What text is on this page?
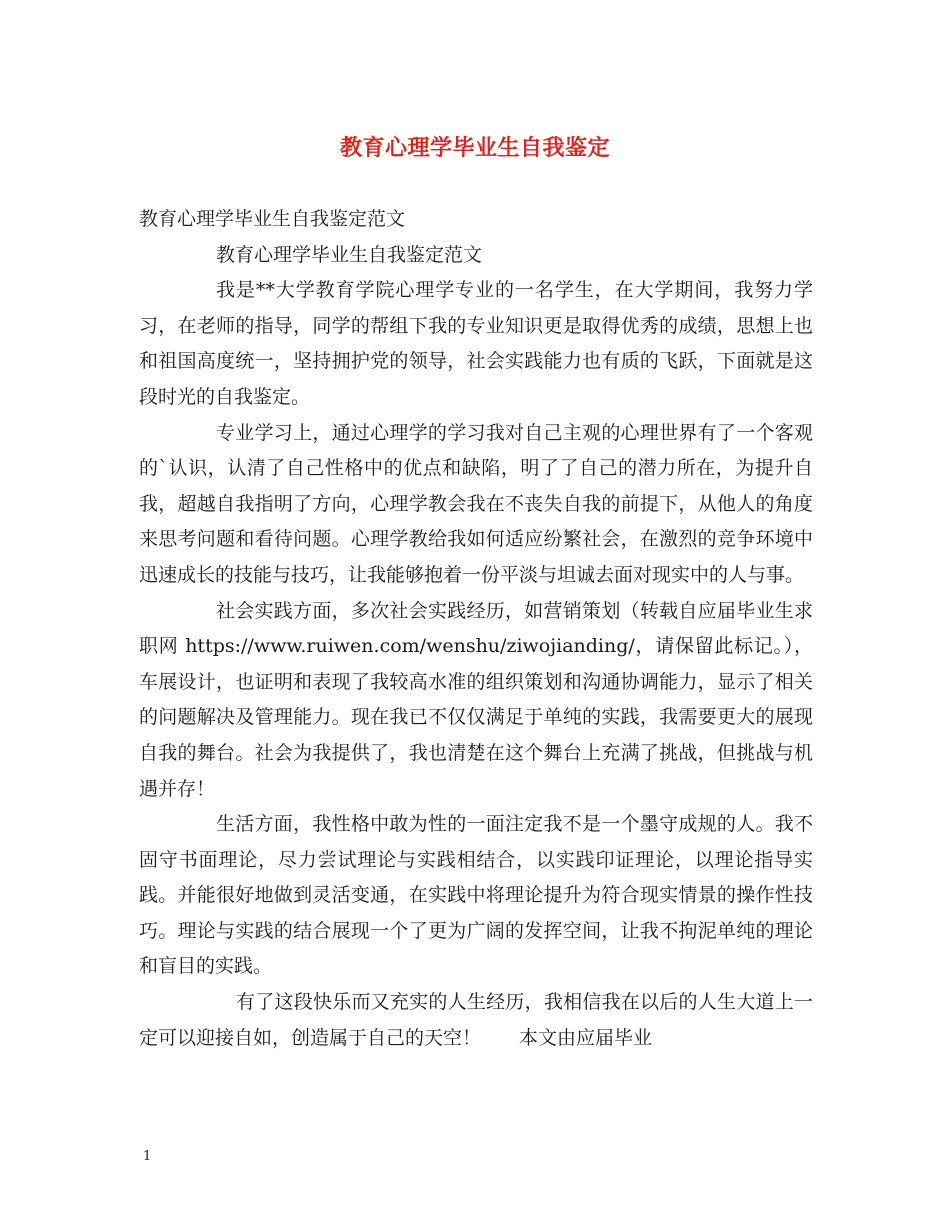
教育心理学毕业生自我鉴定

教育心理学毕业生自我鉴定范文

教育心理学毕业生自我鉴定范文

我是**大学教育学院心理学专业的一名学生，在大学期间，我努力学习，在老师的指导，同学的帮组下我的专业知识更是取得优秀的成绩，思想上也和祖国高度统一，坚持拥护党的领导，社会实践能力也有质的飞跃，下面就是这段时光的自我鉴定。

专业学习上，通过心理学的学习我对自己主观的心理世界有了一个客观的`认识，认清了自己性格中的优点和缺陷，明了了自己的潜力所在，为提升自我，超越自我指明了方向，心理学教会我在不丧失自我的前提下，从他人的角度来思考问题和看待问题。心理学教给我如何适应纷繁社会，在激烈的竞争环境中迅速成长的技能与技巧，让我能够抱着一份平淡与坦诚去面对现实中的人与事。

社会实践方面，多次社会实践经历，如营销策划（转载自应届毕业生求职网 https://www.ruiwen.com/wenshu/ziwojianding/，请保留此标记。），车展设计，也证明和表现了我较高水准的组织策划和沟通协调能力，显示了相关的问题解决及管理能力。现在我已不仅仅满足于单纯的实践，我需要更大的展现自我的舞台。社会为我提供了，我也清楚在这个舞台上充满了挑战，但挑战与机遇并存！

生活方面，我性格中敢为性的一面注定我不是一个墨守成规的人。我不固守书面理论，尽力尝试理论与实践相结合，以实践印证理论，以理论指导实践。并能很好地做到灵活变通，在实践中将理论提升为符合现实情景的操作性技巧。理论与实践的结合展现一个了更为广阔的发挥空间，让我不拘泥单纯的理论和盲目的实践。

有了这段快乐而又充实的人生经历，我相信我在以后的人生大道上一定可以迎接自如，创造属于自己的天空！　　本文由应届毕业

1
